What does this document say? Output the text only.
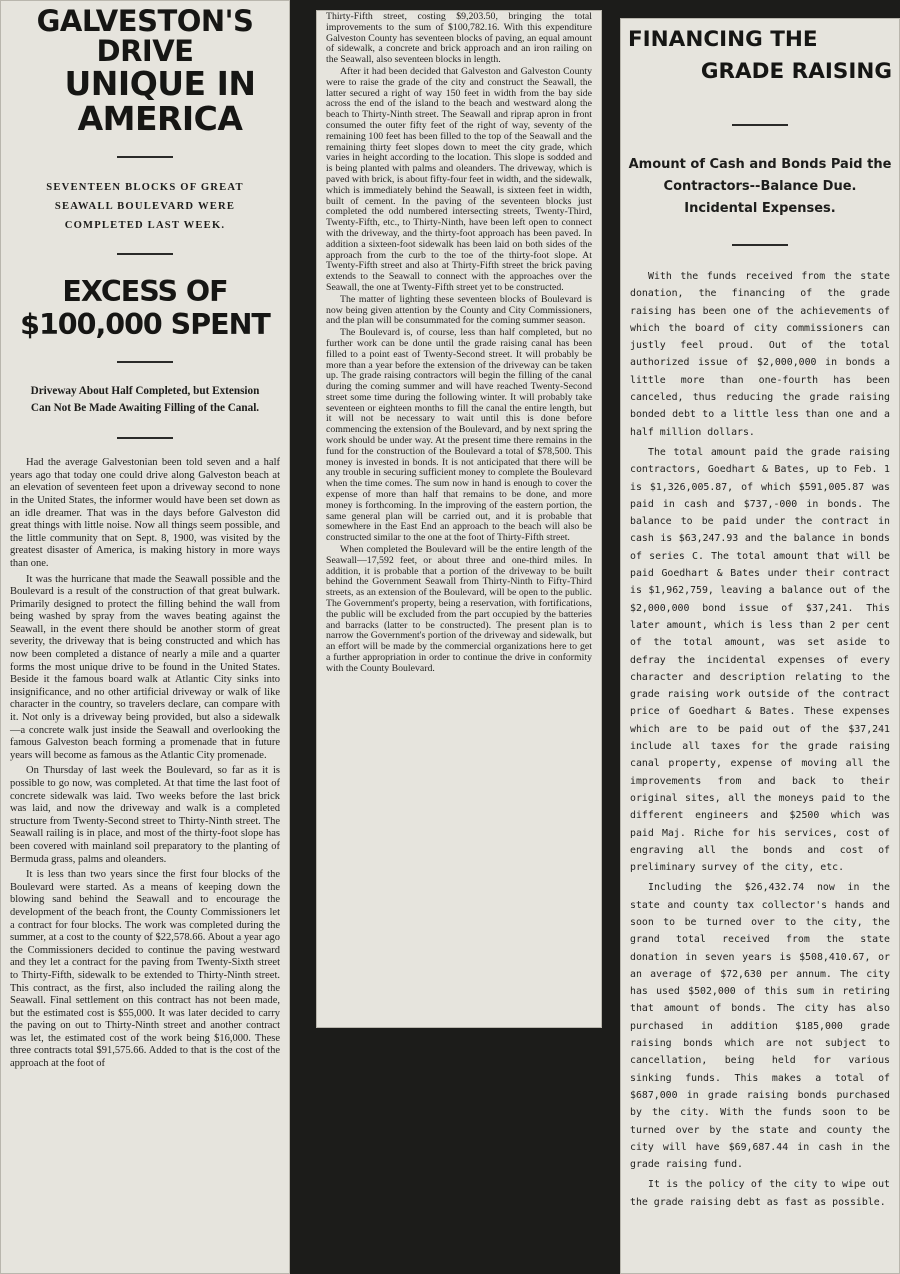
GALVESTON'S DRIVE
UNIQUE IN AMERICA

SEVENTEEN BLOCKS OF GREAT SEAWALL BOULEVARD WERE COMPLETED LAST WEEK.

EXCESS OF $100,000 SPENT

Driveway About Half Completed, but Extension Can Not Be Made Awaiting Filling of the Canal.

Had the average Galvestonian been told seven and a half years ago that today one could drive along Galveston beach at an elevation of seventeen feet upon a driveway second to none in the United States, the informer would have been set down as an idle dreamer. That was in the days before Galveston did great things with little noise. Now all things seem possible, and the little community that on Sept. 8, 1900, was visited by the greatest disaster of America, is making history in more ways than one.

It was the hurricane that made the Seawall possible and the Boulevard is a result of the construction of that great bulwark. Primarily designed to protect the filling behind the wall from being washed by spray from the waves beating against the Seawall, in the event there should be another storm of great severity, the driveway that is being constructed and which has now been completed a distance of nearly a mile and a quarter forms the most unique drive to be found in the United States. Beside it the famous board walk at Atlantic City sinks into insignificance, and no other artificial driveway or walk of like character in the country, so travelers declare, can compare with it. Not only is a driveway being provided, but also a sidewalk —a concrete walk just inside the Seawall and overlooking the famous Galveston beach forming a promenade that in future years will become as famous as the Atlantic City promenade.

On Thursday of last week the Boulevard, so far as it is possible to go now, was completed. At that time the last foot of concrete sidewalk was laid. Two weeks before the last brick was laid, and now the driveway and walk is a completed structure from Twenty-Second street to Thirty-Ninth street. The Seawall railing is in place, and most of the thirty-foot slope has been covered with mainland soil preparatory to the planting of Bermuda grass, palms and oleanders.

It is less than two years since the first four blocks of the Boulevard were started. As a means of keeping down the blowing sand behind the Seawall and to encourage the development of the beach front, the County Commissioners let a contract for four blocks. The work was completed during the summer, at a cost to the county of $22,578.66. About a year ago the Commissioners decided to continue the paving westward and they let a contract for the paving from Twenty-Sixth street to Thirty-Fifth, sidewalk to be extended to Thirty-Ninth street. This contract, as the first, also included the railing along the Seawall. Final settlement on this contract has not been made, but the estimated cost is $55,000. It was later decided to carry the paving on out to Thirty-Ninth street and another contract was let, the estimated cost of the work being $16,000. These three contracts total $91,575.66. Added to that is the cost of the approach at the foot of

Thirty-Fifth street, costing $9,203.50, bringing the total improvements to the sum of $100,782.16. With this expenditure Galveston County has seventeen blocks of paving, an equal amount of sidewalk, a concrete and brick approach and an iron railing on the Seawall, also seventeen blocks in length.

After it had been decided that Galveston and Galveston County were to raise the grade of the city and construct the Seawall, the latter secured a right of way 150 feet in width from the bay side across the end of the island to the beach and westward along the beach to Thirty-Ninth street. The Seawall and riprap apron in front consumed the outer fifty feet of the right of way, seventy of the remaining 100 feet has been filled to the top of the Seawall and the remaining thirty feet slopes down to meet the city grade, which varies in height according to the location. This slope is sodded and is being planted with palms and oleanders. The driveway, which is paved with brick, is about fifty-four feet in width, and the sidewalk, which is immediately behind the Seawall, is sixteen feet in width, built of cement. In the paving of the seventeen blocks just completed the odd numbered intersecting streets, Twenty-Third, Twenty-Fifth, etc., to Thirty-Ninth, have been left open to connect with the driveway, and the thirty-foot approach has been paved. In addition a sixteen-foot sidewalk has been laid on both sides of the approach from the curb to the toe of the thirty-foot slope. At Twenty-Fifth street and also at Thirty-Fifth street the brick paving extends to the Seawall to connect with the approaches over the Seawall, the one at Twenty-Fifth street yet to be constructed.

The matter of lighting these seventeen blocks of Boulevard is now being given attention by the County and City Commissioners, and the plan will be consummated for the coming summer season.

The Boulevard is, of course, less than half completed, but no further work can be done until the grade raising canal has been filled to a point east of Twenty-Second street. It will probably be more than a year before the extension of the driveway can be taken up. The grade raising contractors will begin the filling of the canal during the coming summer and will have reached Twenty-Second street some time during the following winter. It will probably take seventeen or eighteen months to fill the canal the entire length, but it will not be necessary to wait until this is done before commencing the extension of the Boulevard, and by next spring the work should be under way. At the present time there remains in the fund for the construction of the Boulevard a total of $78,500. This money is invested in bonds. It is not anticipated that there will be any trouble in securing sufficient money to complete the Boulevard when the time comes. The sum now in hand is enough to cover the expense of more than half that remains to be done, and more money is forthcoming. In the improving of the eastern portion, the same general plan will be carried out, and it is probable that somewhere in the East End an approach to the beach will also be constructed similar to the one at the foot of Thirty-Fifth street.

When completed the Boulevard will be the entire length of the Seawall—17,592 feet, or about three and one-third miles. In addition, it is probable that a portion of the driveway to be built behind the Government Seawall from Thirty-Ninth to Fifty-Third streets, as an extension of the Boulevard, will be open to the public. The Government's property, being a reservation, with fortifications, the public will be excluded from the part occupied by the batteries and barracks (latter to be constructed). The present plan is to narrow the Government's portion of the driveway and sidewalk, but an effort will be made by the commercial organizations here to get a further appropriation in order to continue the drive in conformity with the County Boulevard.

FINANCING THE
GRADE RAISING

Amount of Cash and Bonds Paid the Contractors--Balance Due. Incidental Expenses.

With the funds received from the state donation, the financing of the grade raising has been one of the achievements of which the board of city commissioners can justly feel proud. Out of the total authorized issue of $2,000,000 in bonds a little more than one-fourth has been canceled, thus reducing the grade raising bonded debt to a little less than one and a half million dollars.

The total amount paid the grade raising contractors, Goedhart & Bates, up to Feb. 1 is $1,326,005.87, of which $591,005.87 was paid in cash and $737,-000 in bonds. The balance to be paid under the contract in cash is $63,247.93 and the balance in bonds of series C. The total amount that will be paid Goedhart & Bates under their contract is $1,962,759, leaving a balance out of the $2,000,000 bond issue of $37,241. This later amount, which is less than 2 per cent of the total amount, was set aside to defray the incidental expenses of every character and description relating to the grade raising work outside of the contract price of Goedhart & Bates. These expenses which are to be paid out of the $37,241 include all taxes for the grade raising canal property, expense of moving all the improvements from and back to their original sites, all the moneys paid to the different engineers and $2500 which was paid Maj. Riche for his services, cost of engraving all the bonds and cost of preliminary survey of the city, etc.

Including the $26,432.74 now in the state and county tax collector's hands and soon to be turned over to the city, the grand total received from the state donation in seven years is $508,410.67, or an average of $72,630 per annum. The city has used $502,000 of this sum in retiring that amount of bonds. The city has also purchased in addition $185,000 grade raising bonds which are not subject to cancellation, being held for various sinking funds. This makes a total of $687,000 in grade raising bonds purchased by the city. With the funds soon to be turned over by the state and county the city will have $69,687.44 in cash in the grade raising fund.

It is the policy of the city to wipe out the grade raising debt as fast as possible.
